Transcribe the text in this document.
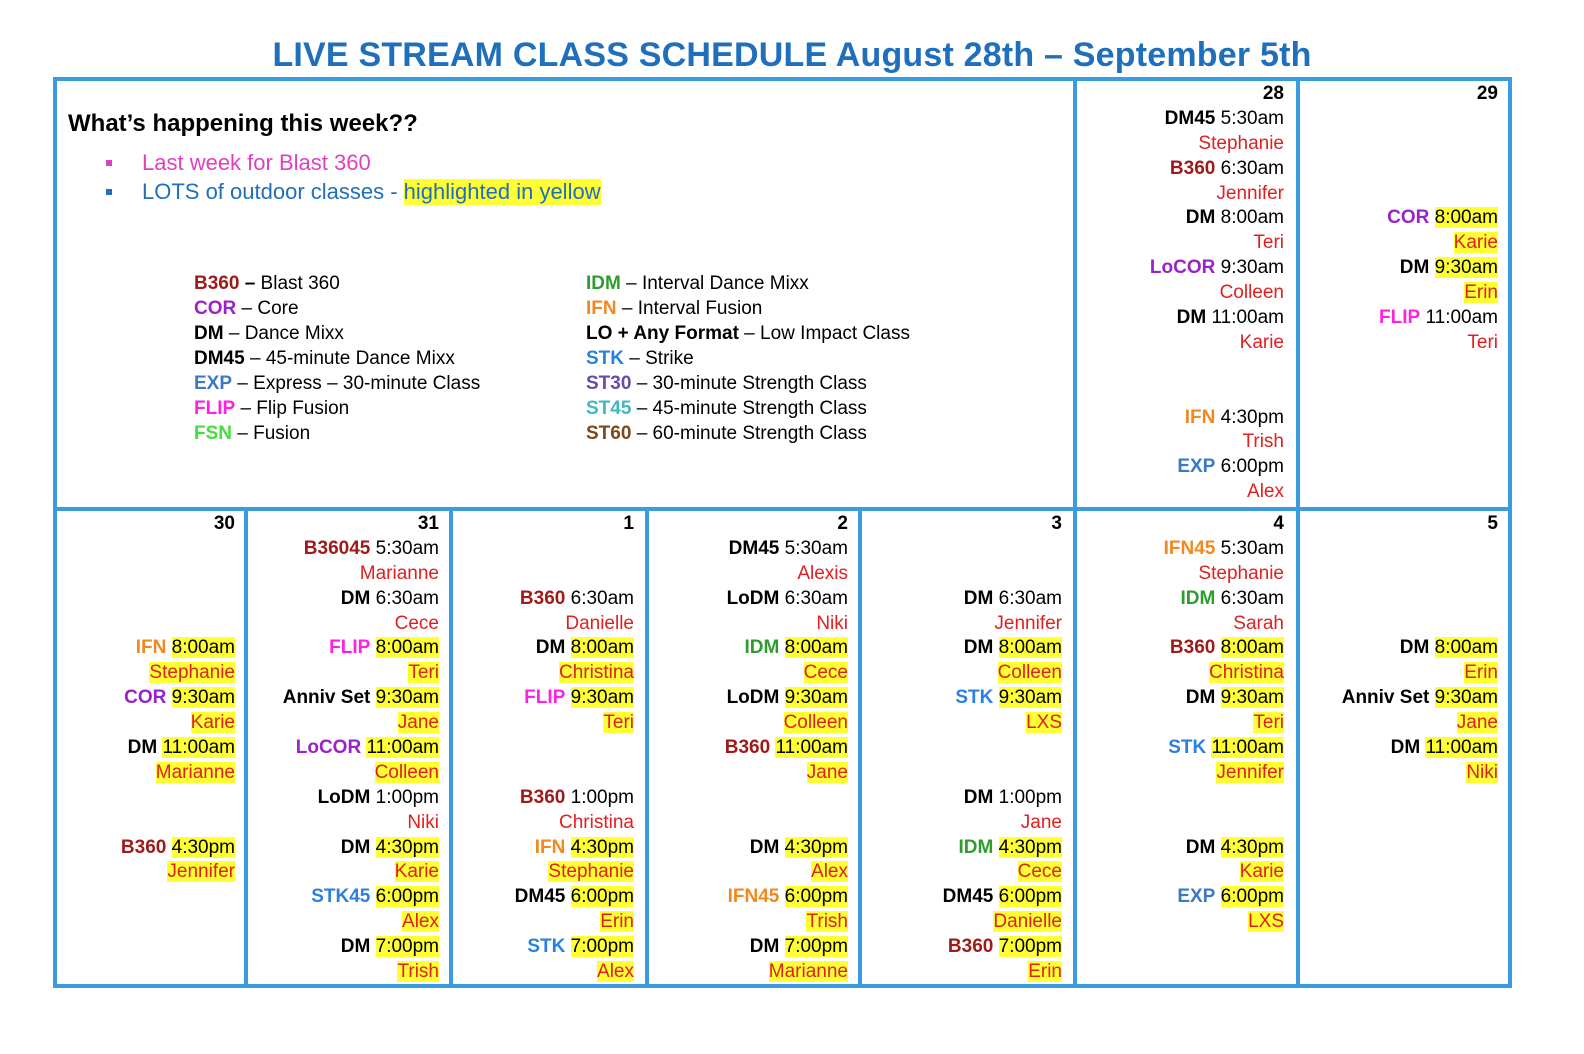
LIVE STREAM CLASS SCHEDULE August 28th – September 5th
What’s happening this week??
Last week for Blast 360
LOTS of outdoor classes - highlighted in yellow
B360 – Blast 360
COR – Core
DM – Dance Mixx
DM45 – 45-minute Dance Mixx
EXP – Express – 30-minute Class
FLIP – Flip Fusion
FSN – Fusion
IDM – Interval Dance Mixx
IFN – Interval Fusion
LO + Any Format – Low Impact Class
STK – Strike
ST30 – 30-minute Strength Class
ST45 – 45-minute Strength Class
ST60 – 60-minute Strength Class
28
DM45 5:30am
Stephanie
B360 6:30am
Jennifer
DM 8:00am
Teri
LoCOR 9:30am
Colleen
DM 11:00am
Karie

IFN 4:30pm
Trish
EXP 6:00pm
Alex
29

COR 8:00am
Karie
DM 9:30am
Erin
FLIP 11:00am
Teri
30

IFN 8:00am
Stephanie
COR 9:30am
Karie
DM 11:00am
Marianne

B360 4:30pm
Jennifer
31
B36045 5:30am
Marianne
DM 6:30am
Cece
FLIP 8:00am
Teri
Anniv Set 9:30am
Jane
LoCOR 11:00am
Colleen
LoDM 1:00pm
Niki
DM 4:30pm
Karie
STK45 6:00pm
Alex
DM 7:00pm
Trish
1

B360 6:30am
Danielle
DM 8:00am
Christina
FLIP 9:30am
Teri

B360 1:00pm
Christina
IFN 4:30pm
Stephanie
DM45 6:00pm
Erin
STK 7:00pm
Alex
2
DM45 5:30am
Alexis
LoDM 6:30am
Niki
IDM 8:00am
Cece
LoDM 9:30am
Colleen
B360 11:00am
Jane

DM 4:30pm
Alex
IFN45 6:00pm
Trish
DM 7:00pm
Marianne
3

DM 6:30am
Jennifer
DM 8:00am
Colleen
STK 9:30am
LXS

DM 1:00pm
Jane
IDM 4:30pm
Cece
DM45 6:00pm
Danielle
B360 7:00pm
Erin
4
IFN45 5:30am
Stephanie
IDM 6:30am
Sarah
B360 8:00am
Christina
DM 9:30am
Teri
STK 11:00am
Jennifer

DM 4:30pm
Karie
EXP 6:00pm
LXS
5

DM 8:00am
Erin
Anniv Set 9:30am
Jane
DM 11:00am
Niki
